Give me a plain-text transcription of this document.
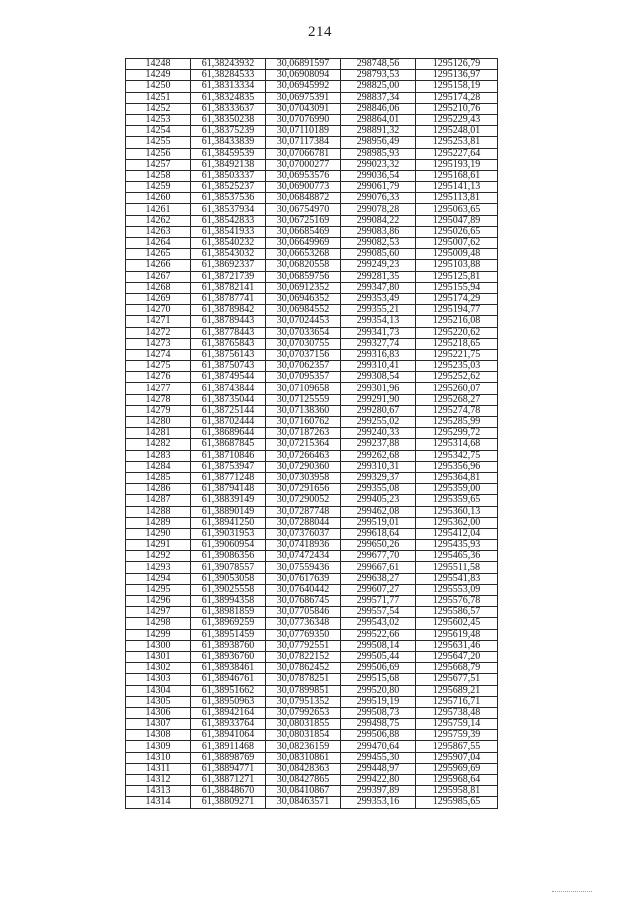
214
14248	61,38243932	30,06891597	298748,56	1295126,79
14249	61,38284533	30,06908094	298793,53	1295136,97
14250	61,38313334	30,06945992	298825,00	1295158,19
14251	61,38324835	30,06975391	298837,34	1295174,28
14252	61,38333637	30,07043091	298846,06	1295210,76
14253	61,38350238	30,07076990	298864,01	1295229,43
14254	61,38375239	30,07110189	298891,32	1295248,01
14255	61,38433839	30,07117384	298956,49	1295253,81
14256	61,38459539	30,07066781	298985,93	1295227,64
14257	61,38492138	30,07000277	299023,32	1295193,19
14258	61,38503337	30,06953576	299036,54	1295168,61
14259	61,38525237	30,06900773	299061,79	1295141,13
14260	61,38537536	30,06848872	299076,33	1295113,81
14261	61,38537934	30,06754970	299078,28	1295063,65
14262	61,38542833	30,06725169	299084,22	1295047,89
14263	61,38541933	30,06685469	299083,86	1295026,65
14264	61,38540232	30,06649969	299082,53	1295007,62
14265	61,38543032	30,06653268	299085,60	1295009,48
14266	61,38692337	30,06820558	299249,23	1295103,88
14267	61,38721739	30,06859756	299281,35	1295125,81
14268	61,38782141	30,06912352	299347,80	1295155,94
14269	61,38787741	30,06946352	299353,49	1295174,29
14270	61,38789842	30,06984552	299355,21	1295194,77
14271	61,38789443	30,07024453	299354,13	1295216,08
14272	61,38778443	30,07033654	299341,73	1295220,62
14273	61,38765843	30,07030755	299327,74	1295218,65
14274	61,38756143	30,07037156	299316,83	1295221,75
14275	61,38750743	30,07062357	299310,41	1295235,03
14276	61,38749544	30,07095357	299308,54	1295252,62
14277	61,38743844	30,07109658	299301,96	1295260,07
14278	61,38735044	30,07125559	299291,90	1295268,27
14279	61,38725144	30,07138360	299280,67	1295274,78
14280	61,38702444	30,07160762	299255,02	1295285,99
14281	61,38689644	30,07187263	299240,33	1295299,72
14282	61,38687845	30,07215364	299237,88	1295314,68
14283	61,38710846	30,07266463	299262,68	1295342,75
14284	61,38753947	30,07290360	299310,31	1295356,96
14285	61,38771248	30,07303958	299329,37	1295364,81
14286	61,38794148	30,07291656	299355,08	1295359,00
14287	61,38839149	30,07290052	299405,23	1295359,65
14288	61,38890149	30,07287748	299462,08	1295360,13
14289	61,38941250	30,07288044	299519,01	1295362,00
14290	61,39031953	30,07376037	299618,64	1295412,04
14291	61,39060954	30,07418936	299650,26	1295435,93
14292	61,39086356	30,07472434	299677,70	1295465,36
14293	61,39078557	30,07559436	299667,61	1295511,58
14294	61,39053058	30,07617639	299638,27	1295541,83
14295	61,39025558	30,07640442	299607,27	1295553,09
14296	61,38994358	30,07686745	299571,77	1295576,78
14297	61,38981859	30,07705846	299557,54	1295586,57
14298	61,38969259	30,07736348	299543,02	1295602,45
14299	61,38951459	30,07769350	299522,66	1295619,48
14300	61,38938760	30,07792551	299508,14	1295631,46
14301	61,38936760	30,07822152	299505,44	1295647,20
14302	61,38938461	30,07862452	299506,69	1295668,79
14303	61,38946761	30,07878251	299515,68	1295677,51
14304	61,38951662	30,07899851	299520,80	1295689,21
14305	61,38950963	30,07951352	299519,19	1295716,71
14306	61,38942164	30,07992653	299508,73	1295738,48
14307	61,38933764	30,08031855	299498,75	1295759,14
14308	61,38941064	30,08031854	299506,88	1295759,39
14309	61,38911468	30,08236159	299470,64	1295867,55
14310	61,38898769	30,08310861	299455,30	1295907,04
14311	61,38894771	30,08428363	299448,97	1295969,69
14312	61,38871271	30,08427865	299422,80	1295968,64
14313	61,38848670	30,08410867	299397,89	1295958,81
14314	61,38809271	30,08463571	299353,16	1295985,65
